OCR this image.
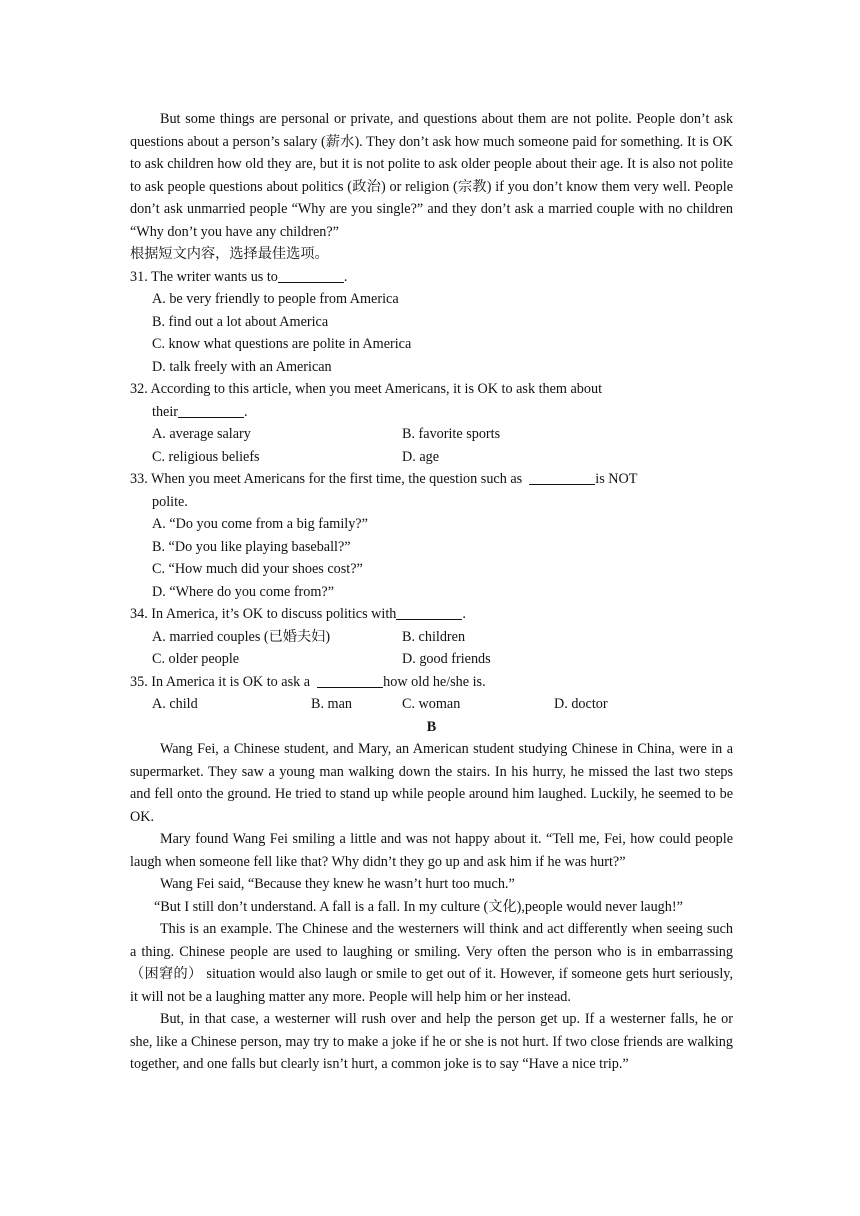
But some things are personal or private, and questions about them are not polite. People don’t ask questions about a person’s salary (薪水). They don’t ask how much someone paid for something. It is OK to ask children how old they are, but it is not polite to ask older people about their age. It is also not polite to ask people questions about politics (政治) or religion (宗教) if you don’t know them very well. People don’t ask unmarried people “Why are you single?” and they don’t ask a married couple with no children “Why don’t you have any children?”

根据短文内容，选择最佳选项。

31. The writer wants us to	.

A. be very friendly to people from America

B. find out a lot about America

C. know what questions are polite in America

D. talk freely with an American

32. According to this article, when you meet Americans, it is OK to ask them about

their	.

A. average salary	B. favorite sports
C. religious beliefs	D. age

33. When you meet Americans for the first time, the question such as	is NOT

polite.

A. “Do you come from a big family?”

B. “Do you like playing baseball?”

C. “How much did your shoes cost?”

D. “Where do you come from?”

34. In America, it’s OK to discuss politics with	.

A. married couples (已婚夫妇)	B. children
C. older people	D. good friends

35. In America it is OK to ask a	how old he/she is.

A. child	B. man	C. woman	D. doctor

B

Wang Fei, a Chinese student, and Mary, an American student studying Chinese in China, were in a supermarket. They saw a young man walking down the stairs. In his hurry, he missed the last two steps and fell onto the ground. He tried to stand up while people around him laughed. Luckily, he seemed to be OK.

Mary found Wang Fei smiling a little and was not happy about it. “Tell me, Fei, how could people laugh when someone fell like that? Why didn’t they go up and ask him if he was hurt?”

Wang Fei said, “Because they knew he wasn’t hurt too much.”

“But I still don’t understand. A fall is a fall. In my culture (文化),people would never laugh!”

This is an example. The Chinese and the westerners will think and act differently when seeing such a thing. Chinese people are used to laughing or smiling. Very often the person who is in embarrassing（困窘的） situation would also laugh or smile to get out of it. However, if someone gets hurt seriously, it will not be a laughing matter any more. People will help him or her instead.

But, in that case, a westerner will rush over and help the person get up. If a westerner falls, he or she, like a Chinese person, may try to make a joke if he or she is not hurt. If two close friends are walking together, and one falls but clearly isn’t hurt, a common joke is to say “Have a nice trip.”
